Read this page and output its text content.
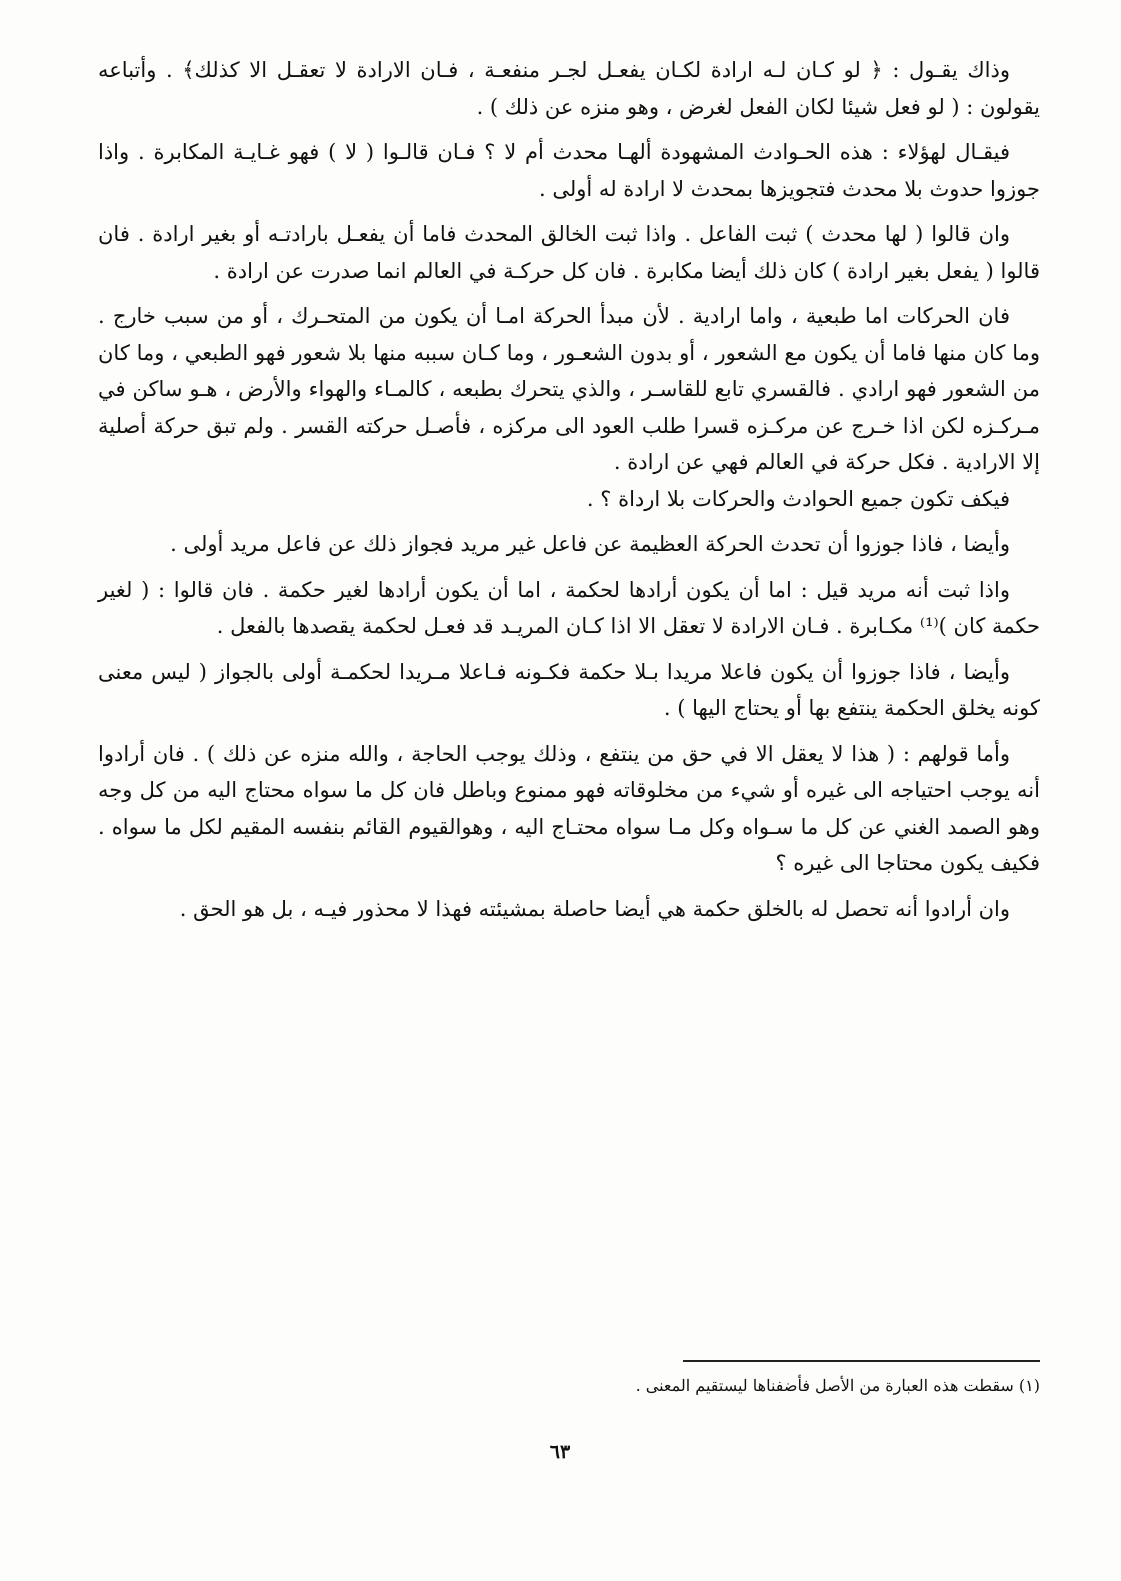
وذاك يقـول : ﴿ لو كـان لـه ارادة لكـان يفعـل لجـر منفعـة ، فـان الارادة لا تعقـل الا كذلك﴾ . وأتباعه يقولون : ( لو فعل شيئا لكان الفعل لغرض ، وهو منزه عن ذلك ) .

فيقـال لهؤلاء : هذه الحـوادث المشهودة ألهـا محدث أم لا ؟ فـان قالـوا ( لا ) فهو غـايـة المكابرة . واذا جوزوا حدوث بلا محدث فتجويزها بمحدث لا ارادة له أولى .

وان قالوا ( لها محدث ) ثبت الفاعل . واذا ثبت الخالق المحدث فاما أن يفعـل بارادتـه أو بغير ارادة . فان قالوا ( يفعل بغير ارادة ) كان ذلك أيضا مكابرة . فان كل حركـة في العالم انما صدرت عن ارادة .

فان الحركات اما طبعية ، واما ارادية . لأن مبدأ الحركة امـا أن يكون من المتحـرك ، أو من سبب خارج . وما كان منها فاما أن يكون مع الشعور ، أو بدون الشعـور ، وما كـان سببه منها بلا شعور فهو الطبعي ، وما كان من الشعور فهو ارادي . فالقسري تابع للقاسـر ، والذي يتحرك بطبعه ، كالمـاء والهواء والأرض ، هـو ساكن في مـركـزه لكن اذا خـرج عن مركـزه قسرا طلب العود الى مركزه ، فأصـل حركته القسر . ولم تبق حركة أصلية إلا الارادية . فكل حركة في العالم فهي عن ارادة .

فيكف تكون جميع الحوادث والحركات بلا ارداة ؟ .

وأيضا ، فاذا جوزوا أن تحدث الحركة العظيمة عن فاعل غير مريد فجواز ذلك عن فاعل مريد أولى .

واذا ثبت أنه مريد قيل : اما أن يكون أرادها لحكمة ، اما أن يكون أرادها لغير حكمة . فان قالوا : ( لغير حكمة كان )⁽¹⁾ مكـابرة . فـان الارادة لا تعقل الا اذا كـان المريـد قد فعـل لحكمة يقصدها بالفعل .

وأيضا ، فاذا جوزوا أن يكون فاعلا مريدا بـلا حكمة فكـونه فـاعلا مـريدا لحكمـة أولى بالجواز ( ليس معنى كونه يخلق الحكمة ينتفع بها أو يحتاج اليها ) .

وأما قولهم : ( هذا لا يعقل الا في حق من ينتفع ، وذلك يوجب الحاجة ، والله منزه عن ذلك ) . فان أرادوا أنه يوجب احتياجه الى غيره أو شيء من مخلوقاته فهو ممنوع وباطل فان كل ما سواه محتاج اليه من كل وجه وهو الصمد الغني عن كل ما سـواه وكل مـا سواه محتـاج اليه ، وهوالقيوم القائم بنفسه المقيم لكل ما سواه . فكيف يكون محتاجا الى غيره ؟

وان أرادوا أنه تحصل له بالخلق حكمة هي أيضا حاصلة بمشيئته فهذا لا محذور فيـه ، بل هو الحق .

(١) سقطت هذه العبارة من الأصل فأضفناها ليستقيم المعنى .
٦٣
